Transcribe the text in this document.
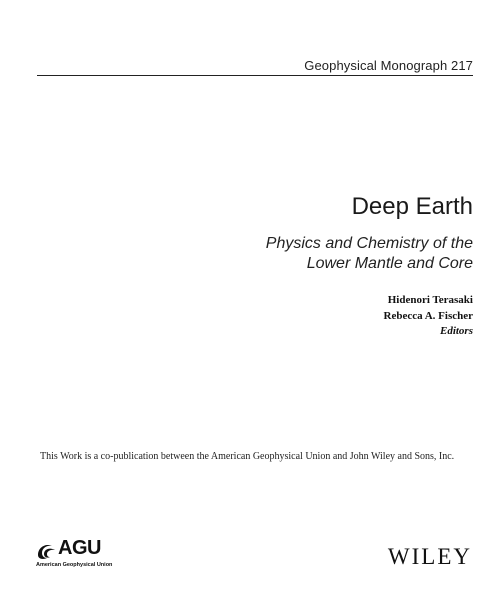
Geophysical Monograph 217
Deep Earth
Physics and Chemistry of the
Lower Mantle and Core
Hidenori Terasaki
Rebecca A. Fischer
Editors
This Work is a co-publication between the American Geophysical Union and John Wiley and Sons, Inc.
AGU
American Geophysical Union	WILEY
